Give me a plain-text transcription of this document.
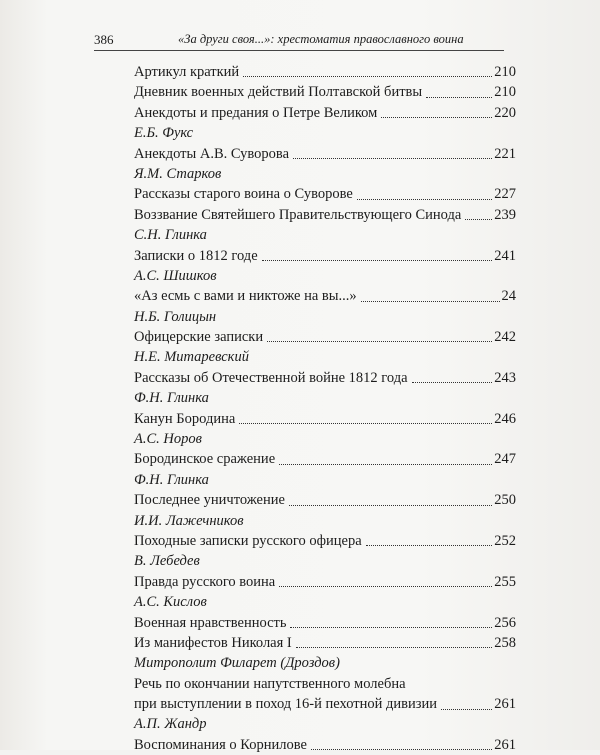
386	«За други своя...»: хрестоматия православного воина
Артикул краткий	210
Дневник военных действий Полтавской битвы	210
Анекдоты и предания о Петре Великом	220
Е.Б. Фукс
Анекдоты А.В. Суворова	221
Я.М. Старков
Рассказы старого воина о Суворове	227
Воззвание Святейшего Правительствующего Синода 239
С.Н. Глинка
Записки о 1812 годе	241
А.С. Шишков
«Аз есмь с вами и никтоже на вы...»	24
Н.Б. Голицын
Офицерские записки	242
Н.Е. Митаревский
Рассказы об Отечественной войне 1812 года	243
Ф.Н. Глинка
Канун Бородина	246
А.С. Норов
Бородинское сражение	247
Ф.Н. Глинка
Последнее уничтожение	250
И.И. Лажечников
Походные записки русского офицера	252
В. Лебедев
Правда русского воина	255
А.С. Кислов
Военная нравственность	256
Из манифестов Николая I	258
Митрополит Филарет (Дроздов)
Речь по окончании напутственного молебна
при выступлении в поход 16-й пехотной дивизии	261
А.П. Жандр
Воспоминания о Корнилове	261
